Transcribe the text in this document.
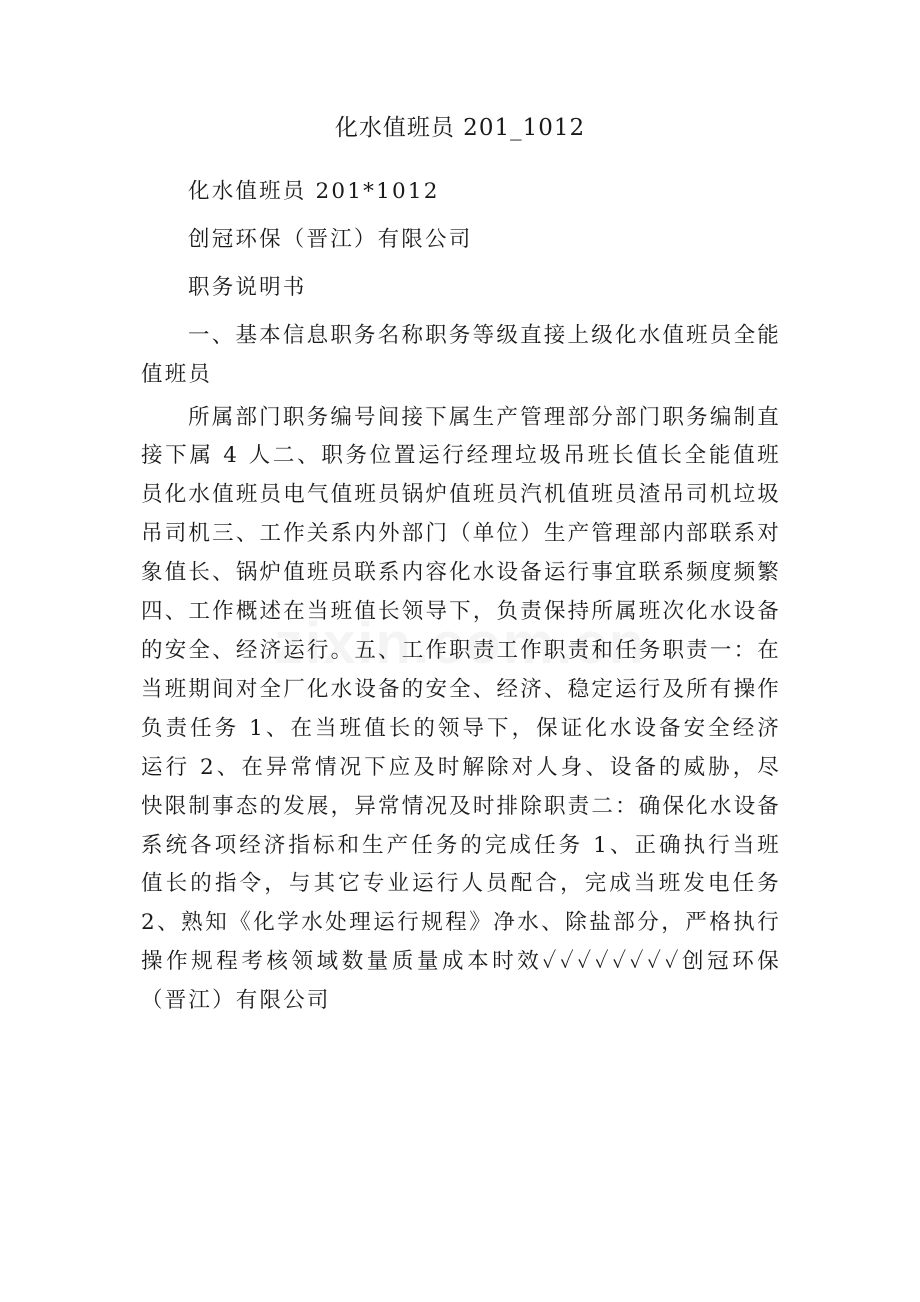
化水值班员 201_1012

化水值班员 201*1012

创冠环保（晋江）有限公司

职务说明书

一、基本信息职务名称职务等级直接上级化水值班员全能值班员

所属部门职务编号间接下属生产管理部分部门职务编制直接下属 4 人二、职务位置运行经理垃圾吊班长值长全能值班员化水值班员电气值班员锅炉值班员汽机值班员渣吊司机垃圾吊司机三、工作关系内外部门（单位）生产管理部内部联系对象值长、锅炉值班员联系内容化水设备运行事宜联系频度频繁四、工作概述在当班值长领导下，负责保持所属班次化水设备的安全、经济运行。五、工作职责工作职责和任务职责一：在当班期间对全厂化水设备的安全、经济、稳定运行及所有操作负责任务 1、在当班值长的领导下，保证化水设备安全经济运行 2、在异常情况下应及时解除对人身、设备的威胁，尽快限制事态的发展，异常情况及时排除职责二：确保化水设备系统各项经济指标和生产任务的完成任务 1、正确执行当班值长的指令，与其它专业运行人员配合，完成当班发电任务 2、熟知《化学水处理运行规程》净水、除盐部分，严格执行操作规程考核领域数量质量成本时效✓✓✓✓✓✓✓✓创冠环保（晋江）有限公司
